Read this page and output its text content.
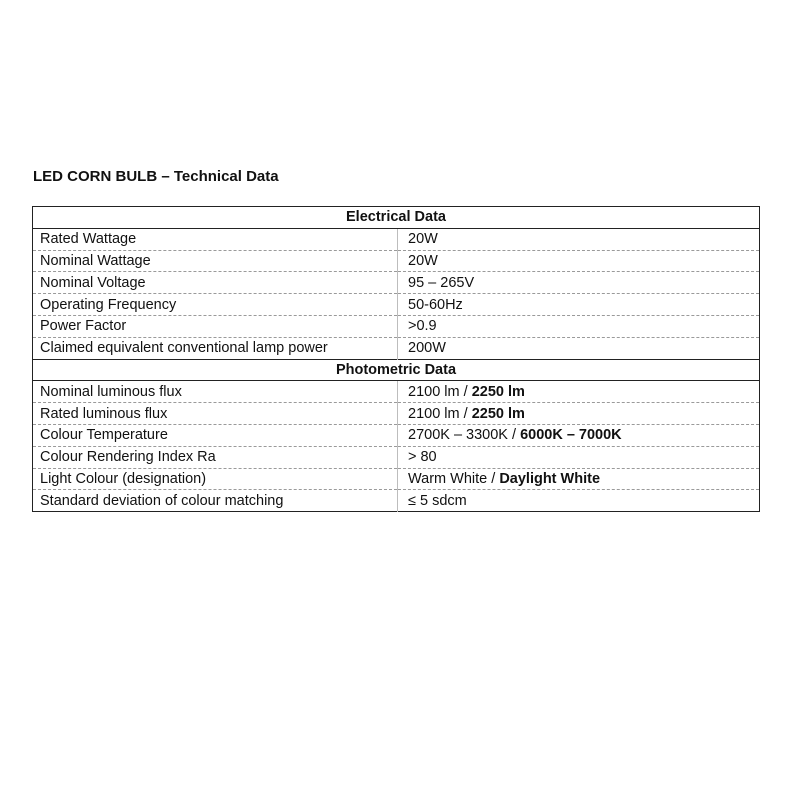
LED CORN BULB – Technical Data
Electrical Data	
Rated Wattage	20W
Nominal Wattage	20W
Nominal Voltage	95 – 265V
Operating Frequency	50-60Hz
Power Factor	>0.9
Claimed equivalent conventional lamp power	200W
Photometric Data	
Nominal luminous flux	2100 lm / 2250 lm
Rated luminous flux	2100 lm / 2250 lm
Colour Temperature	2700K – 3300K / 6000K – 7000K
Colour Rendering Index Ra	> 80
Light Colour (designation)	Warm White / Daylight White
Standard deviation of colour matching	≤ 5 sdcm
